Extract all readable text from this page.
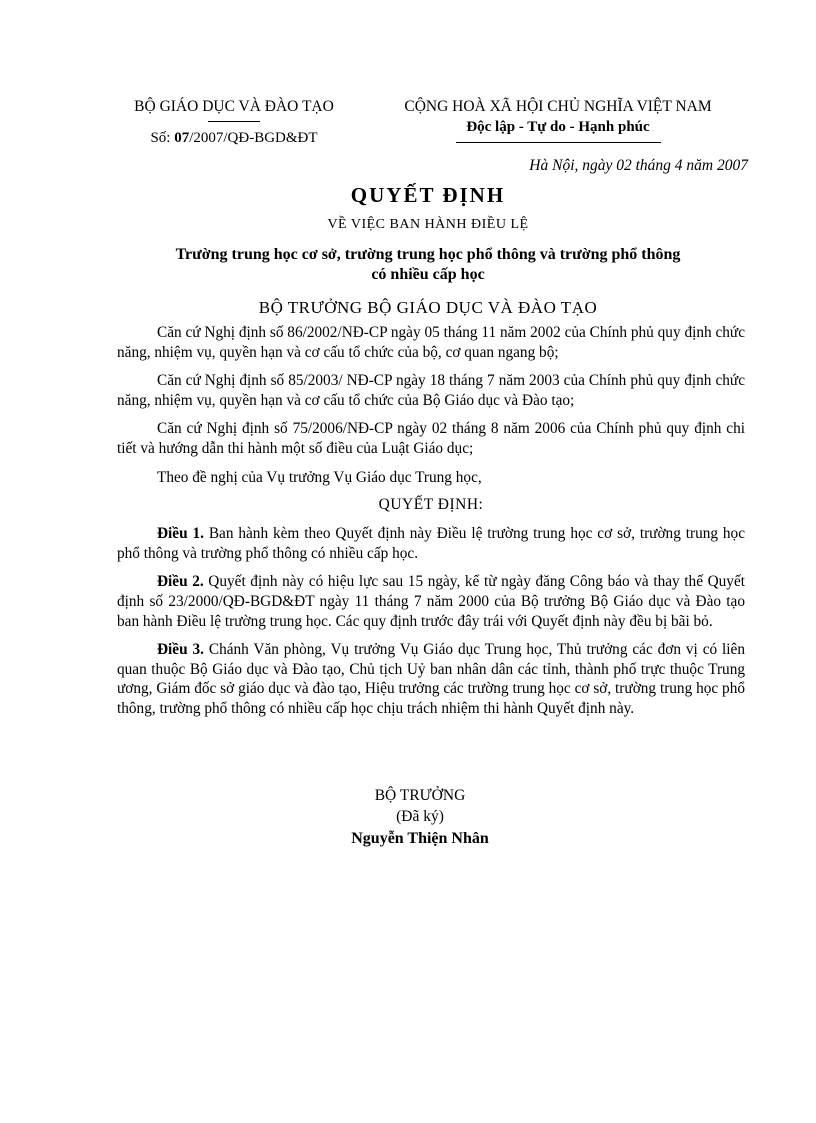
BỘ GIÁO DỤC VÀ ĐÀO TẠO
Số: 07/2007/QĐ-BGD&ĐT
CỘNG HOÀ XÃ HỘI CHỦ NGHĨA VIỆT NAM
Độc lập - Tự do - Hạnh phúc
Hà Nội, ngày 02 tháng 4 năm 2007
QUYẾT ĐỊNH
VỀ VIỆC BAN HÀNH ĐIỀU LỆ
Trường trung học cơ sở, trường trung học phổ thông và trường phổ thông
có nhiều cấp học
BỘ TRƯỞNG BỘ GIÁO DỤC VÀ ĐÀO TẠO

Căn cứ Nghị định số 86/2002/NĐ-CP ngày 05 tháng 11 năm 2002 của Chính phủ quy định chức năng, nhiệm vụ, quyền hạn và cơ cấu tổ chức của bộ, cơ quan ngang bộ;

Căn cứ Nghị định số 85/2003/ NĐ-CP ngày 18 tháng 7 năm 2003 của Chính phủ quy định chức năng, nhiệm vụ, quyền hạn và cơ cấu tổ chức của Bộ Giáo dục và Đào tạo;

Căn cứ Nghị định số 75/2006/NĐ-CP ngày 02 tháng 8 năm 2006 của Chính phủ quy định chi tiết và hướng dẫn thi hành một số điều của Luật Giáo dục;

Theo đề nghị của Vụ trưởng Vụ Giáo dục Trung học,

QUYẾT ĐỊNH:

Điều 1. Ban hành kèm theo Quyết định này Điều lệ trường trung học cơ sở, trường trung học phổ thông và trường phổ thông có nhiều cấp học.

Điều 2. Quyết định này có hiệu lực sau 15 ngày, kể từ ngày đăng Công báo và thay thế Quyết định số 23/2000/QĐ-BGD&ĐT ngày 11 tháng 7 năm 2000 của Bộ trưởng Bộ Giáo dục và Đào tạo ban hành Điều lệ trường trung học. Các quy định trước đây trái với Quyết định này đều bị bãi bỏ.

Điều 3. Chánh Văn phòng, Vụ trưởng Vụ Giáo dục Trung học, Thủ trưởng các đơn vị có liên quan thuộc Bộ Giáo dục và Đào tạo, Chủ tịch Uỷ ban nhân dân các tỉnh, thành phố trực thuộc Trung ương, Giám đốc sở giáo dục và đào tạo, Hiệu trưởng các trường trung học cơ sở, trường trung học phổ thông, trường phổ thông có nhiều cấp học chịu trách nhiệm thi hành Quyết định này.

BỘ TRƯỞNG
(Đã ký)
Nguyễn Thiện Nhân
